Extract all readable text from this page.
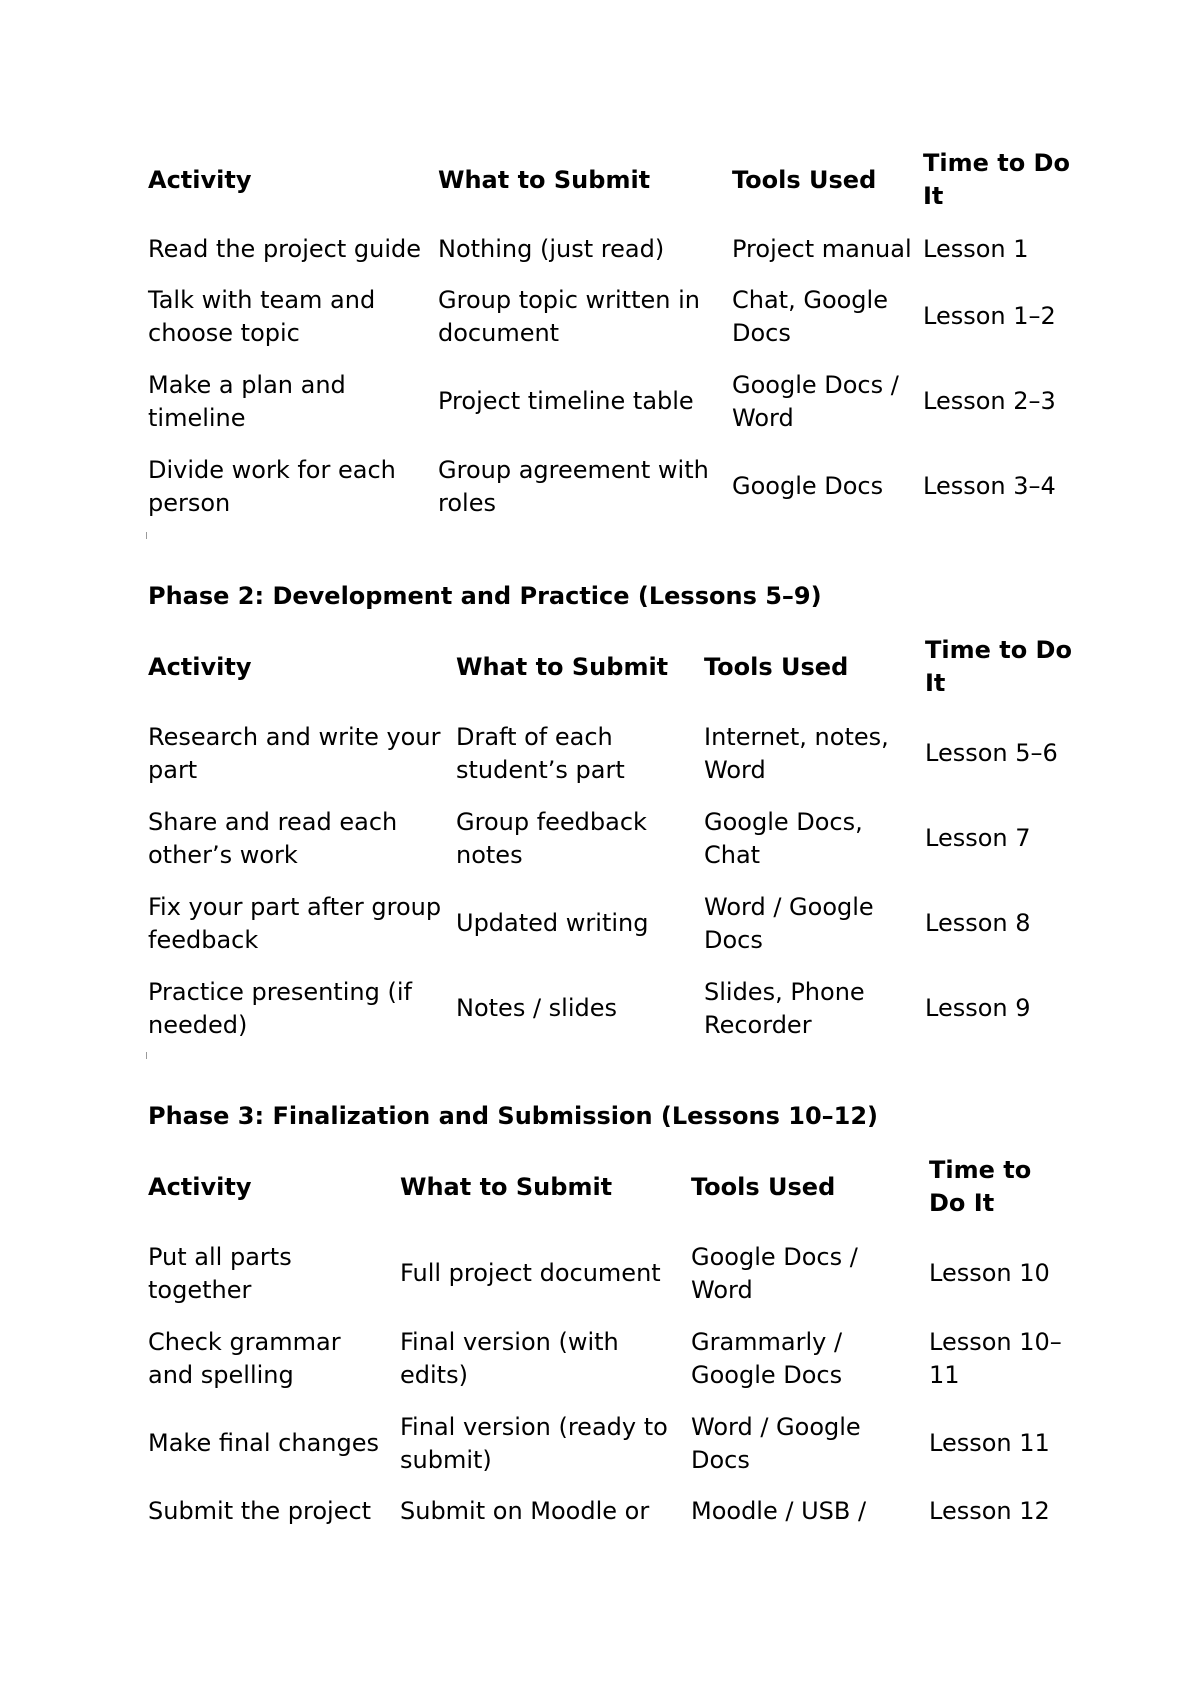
Activity	What to Submit	Tools Used	Time to Do It
Read the project guide	Nothing (just read)	Project manual	Lesson 1
Talk with team and choose topic	Group topic written in document	Chat, Google Docs	Lesson 1–2
Make a plan and timeline	Project timeline table	Google Docs / Word	Lesson 2–3
Divide work for each person	Group agreement with roles	Google Docs	Lesson 3–4
Phase 2: Development and Practice (Lessons 5–9)
Activity	What to Submit	Tools Used	Time to Do It
Research and write your part	Draft of each student’s part	Internet, notes, Word	Lesson 5–6
Share and read each other’s work	Group feedback notes	Google Docs, Chat	Lesson 7
Fix your part after group feedback	Updated writing	Word / Google Docs	Lesson 8
Practice presenting (if needed)	Notes / slides	Slides, Phone Recorder	Lesson 9
Phase 3: Finalization and Submission (Lessons 10–12)
Activity	What to Submit	Tools Used	Time to Do It
Put all parts together	Full project document	Google Docs / Word	Lesson 10
Check grammar and spelling	Final version (with edits)	Grammarly / Google Docs	Lesson 10–11
Make final changes	Final version (ready to submit)	Word / Google Docs	Lesson 11
Submit the project	Submit on Moodle or	Moodle / USB /	Lesson 12
